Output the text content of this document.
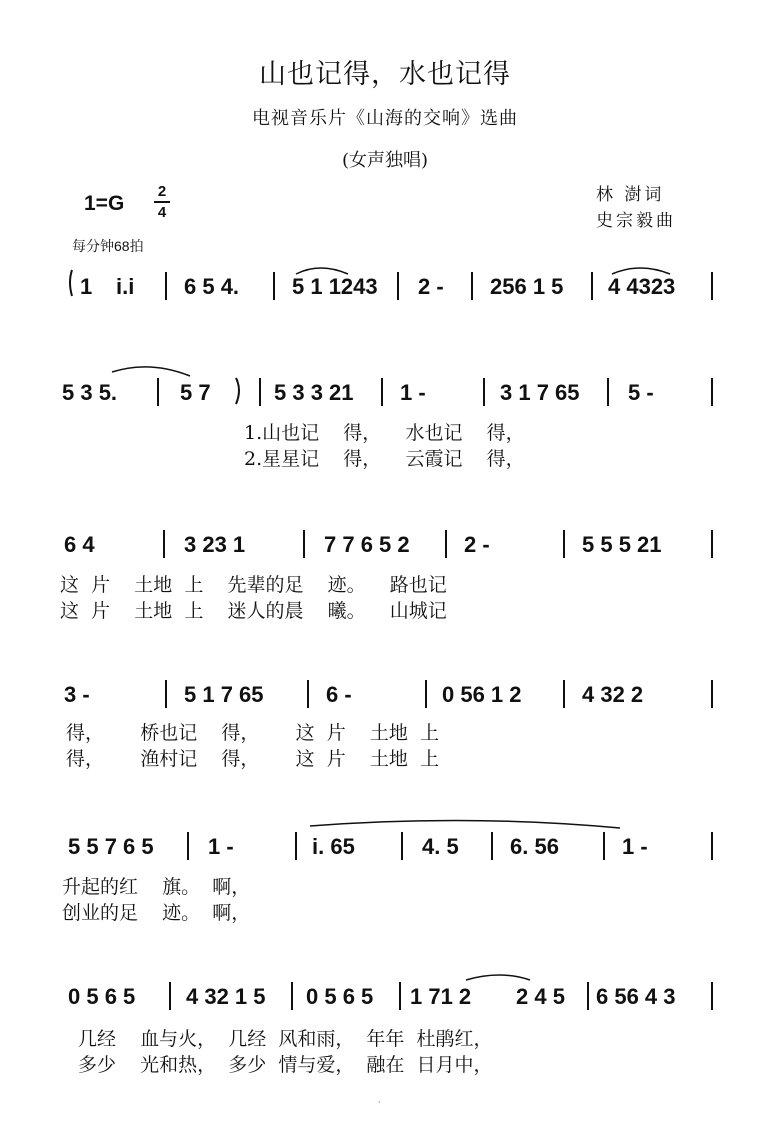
山也记得，水也记得
电视音乐片《山海的交响》选曲
(女声独唱)
1=G
2
4
林 澍词
史宗毅曲
每分钟68拍
1 i.i 6 5 4. 5 1 1243 2 - 256 1 5 4 4323
5 3 5.	5 7	5 3 3 21 1 -	3 1 7 65 5 -
1.山也记    得，    水也记    得，
2.星星记    得，    云霞记    得，
6 4	3 23 1	7 7 6 5 2 2 -	5 5 5 21
这  片    土地  上    先辈的足    迹。    路也记
这  片    土地  上    迷人的晨    曦。    山城记
3 -	5 1 7 65	6 -	0 56 1 2	4 32 2
得，      桥也记    得，      这  片    土地  上
得，      渔村记    得，      这  片    土地  上
5 5 7 6 5 1 -	i. 65	4. 5 6. 56	1 -
升起的红    旗。  啊，
创业的足    迹。  啊，
0 5 6 5 4 32 1 5 0 5 6 5 1 71 2 2 4 5 6 56 4 3
几经    血与火，  几经  风和雨，  年年  杜鹃红，
多少    光和热，  多少  情与爱，  融在  日月中，
·
